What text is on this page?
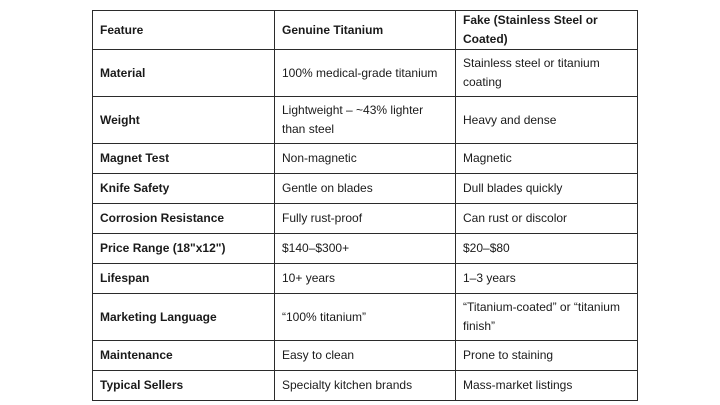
Feature	Genuine Titanium	Fake (Stainless Steel or Coated)
Material	100% medical-grade titanium	Stainless steel or titanium coating
Weight	Lightweight – ~43% lighter than steel	Heavy and dense
Magnet Test	Non-magnetic	Magnetic
Knife Safety	Gentle on blades	Dull blades quickly
Corrosion Resistance	Fully rust-proof	Can rust or discolor
Price Range (18"x12")	$140–$300+	$20–$80
Lifespan	10+ years	1–3 years
Marketing Language	“100% titanium”	“Titanium-coated” or “titanium finish”
Maintenance	Easy to clean	Prone to staining
Typical Sellers	Specialty kitchen brands	Mass-market listings
